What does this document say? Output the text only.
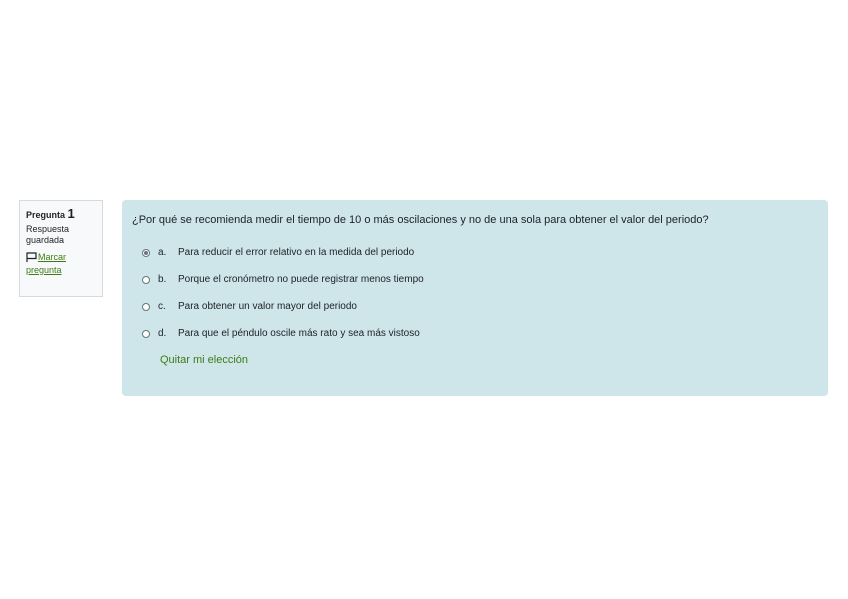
Pregunta 1
Respuesta guardada
Marcar pregunta
¿Por qué se recomienda medir el tiempo de 10 o más oscilaciones y no de una sola para obtener el valor del periodo?
a.	Para reducir el error relativo en la medida del periodo
b.	Porque el cronómetro no puede registrar menos tiempo
c.	Para obtener un valor mayor del periodo
d.	Para que el péndulo oscile más rato y sea más vistoso
Quitar mi elección
